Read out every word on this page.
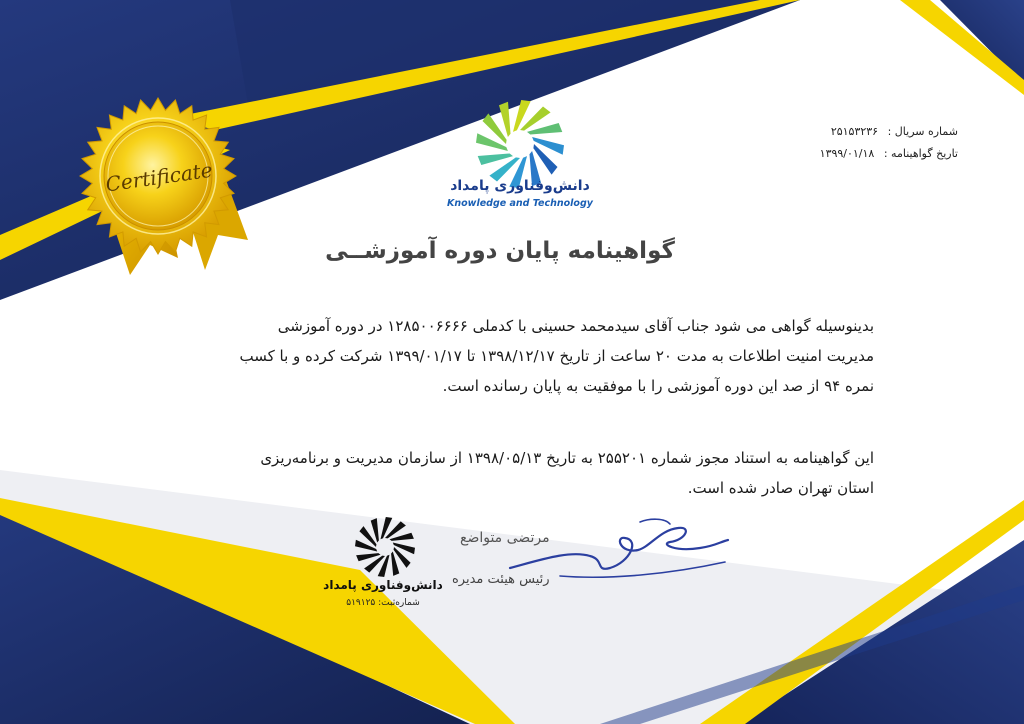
Certificate	دانش‌وفناوری پامداد
Knowledge and Technology
شماره سریال : ۲۵۱۵۳۲۳۶
تاریخ گواهینامه : ۱۳۹۹/۰۱/۱۸
گواهینامه پایان دوره آموزشــی
بدینوسیله گواهی می شود جناب آقای سیدمحمد حسینی با کدملی ۱۲۸۵۰۰۶۶۶۶ در دوره آموزشی مدیریت امنیت اطلاعات به مدت ۲۰ ساعت از تاریخ ۱۳۹۸/۱۲/۱۷ تا ۱۳۹۹/۰۱/۱۷ شرکت کرده و با کسب نمره ۹۴ از صد این دوره آموزشی را با موفقیت به پایان رسانده است.
این گواهینامه به استناد مجوز شماره ۲۵۵۲۰۱ به تاریخ ۱۳۹۸/۰۵/۱۳ از سازمان مدیریت و برنامه‌ریزی استان تهران صادر شده است.
دانش‌وفناوری پامداد
شماره‌ثبت: ۵۱۹۱۲۵
مرتضی متواضع
رئیس هیئت مدیره
